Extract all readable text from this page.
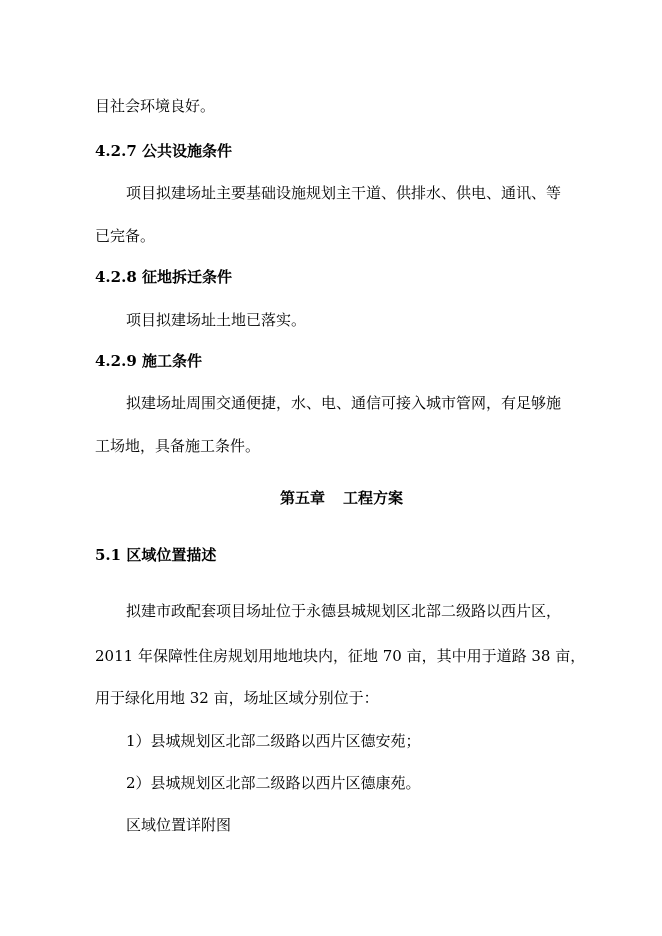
目社会环境良好。
4.2.7 公共设施条件
项目拟建场址主要基础设施规划主干道、供排水、供电、通讯、等
已完备。
4.2.8 征地拆迁条件
项目拟建场址土地已落实。
4.2.9 施工条件
拟建场址周围交通便捷，水、电、通信可接入城市管网，有足够施
工场地，具备施工条件。
第五章 工程方案
5.1 区域位置描述
拟建市政配套项目场址位于永德县城规划区北部二级路以西片区，
2011 年保障性住房规划用地地块内，征地 70 亩，其中用于道路 38 亩，
用于绿化用地 32 亩，场址区域分别位于：
1）县城规划区北部二级路以西片区德安苑；
2）县城规划区北部二级路以西片区德康苑。
区域位置详附图
